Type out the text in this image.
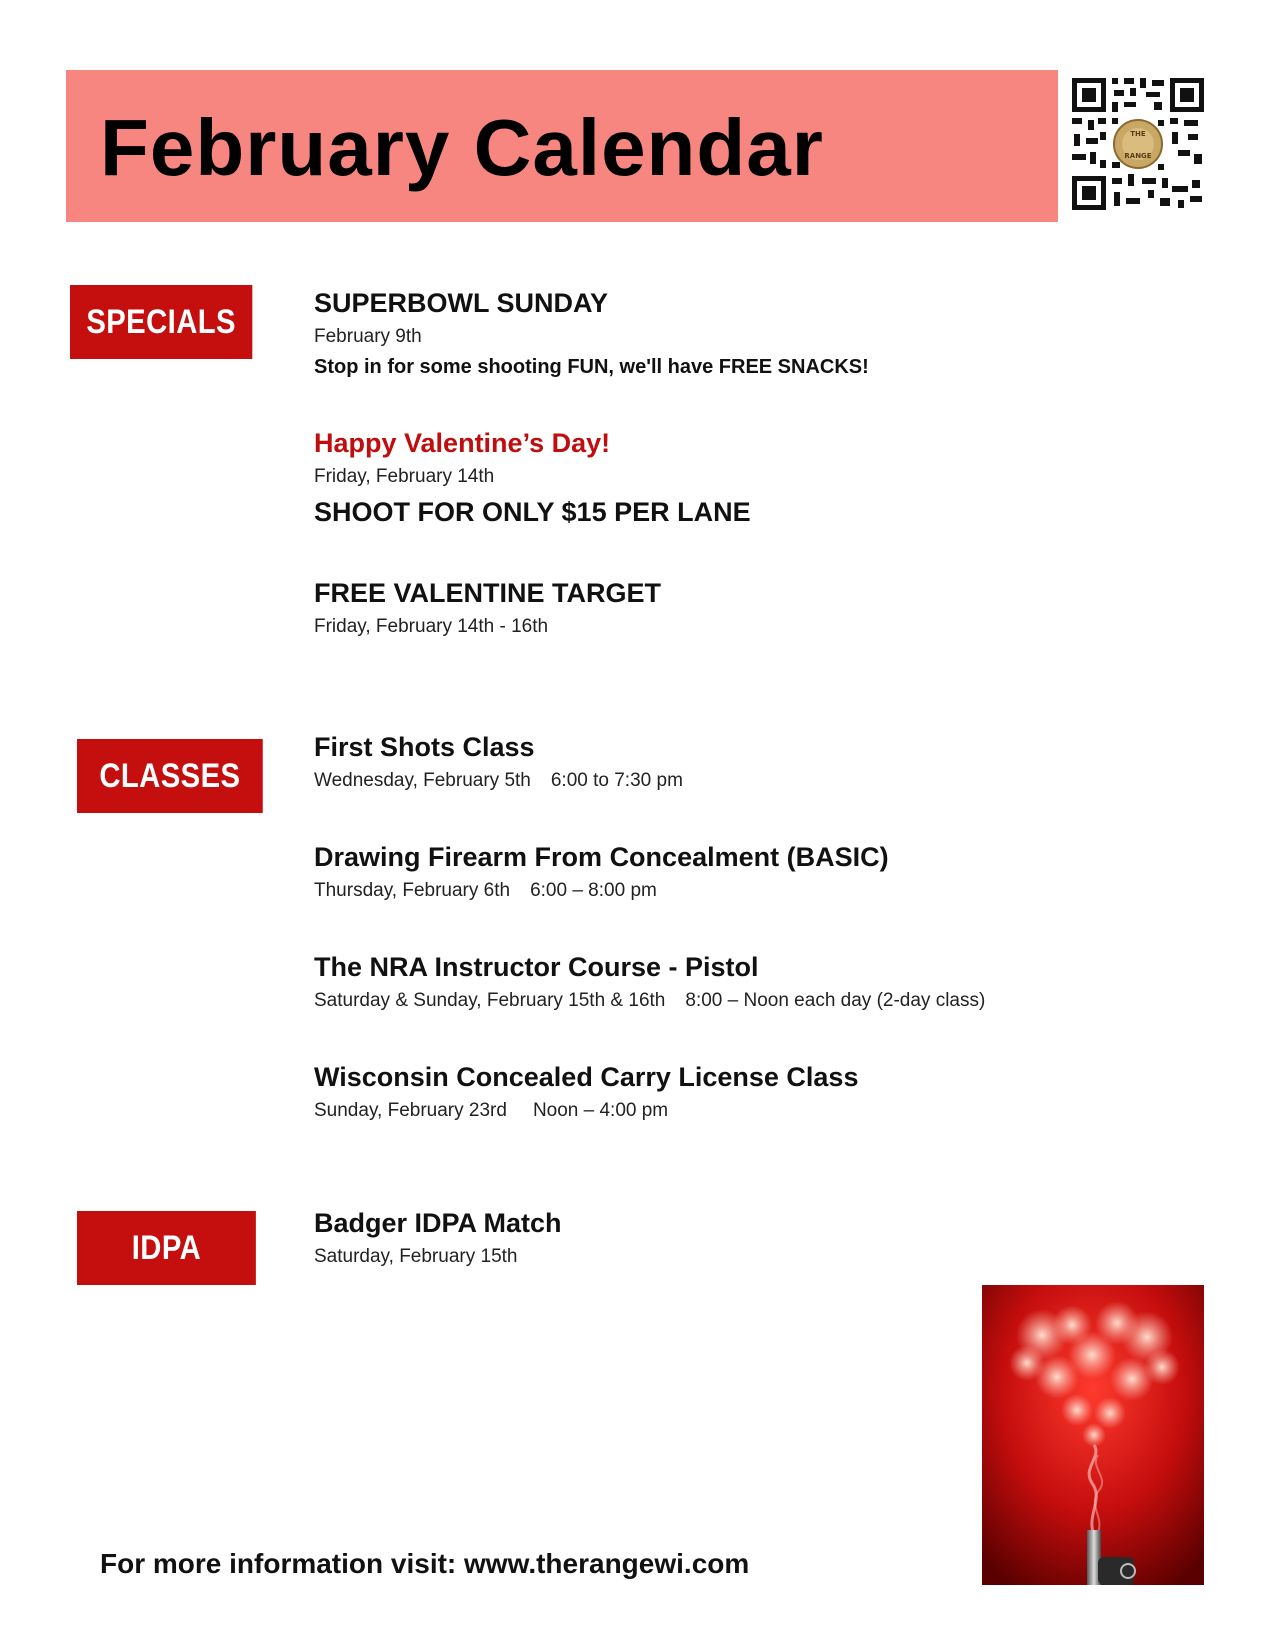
February Calendar	THE
RANGE
SPECIALS	SUPERBOWL SUNDAY
February 9th
Stop in for some shooting FUN, we'll have FREE SNACKS!
Happy Valentine’s Day!
Friday, February 14th
SHOOT FOR ONLY $15 PER LANE
FREE VALENTINE TARGET
Friday, February 14th - 16th
CLASSES
First Shots Class
Wednesday, February 5th 6:00 to 7:30 pm
Drawing Firearm From Concealment (BASIC)
Thursday, February 6th 6:00 – 8:00 pm
The NRA Instructor Course - Pistol
Saturday & Sunday, February 15th & 16th 8:00 – Noon each day (2-day class)
Wisconsin Concealed Carry License Class
Sunday, February 23rd Noon – 4:00 pm
IDPA
Badger IDPA Match
Saturday, February 15th
For more information visit: www.therangewi.com
